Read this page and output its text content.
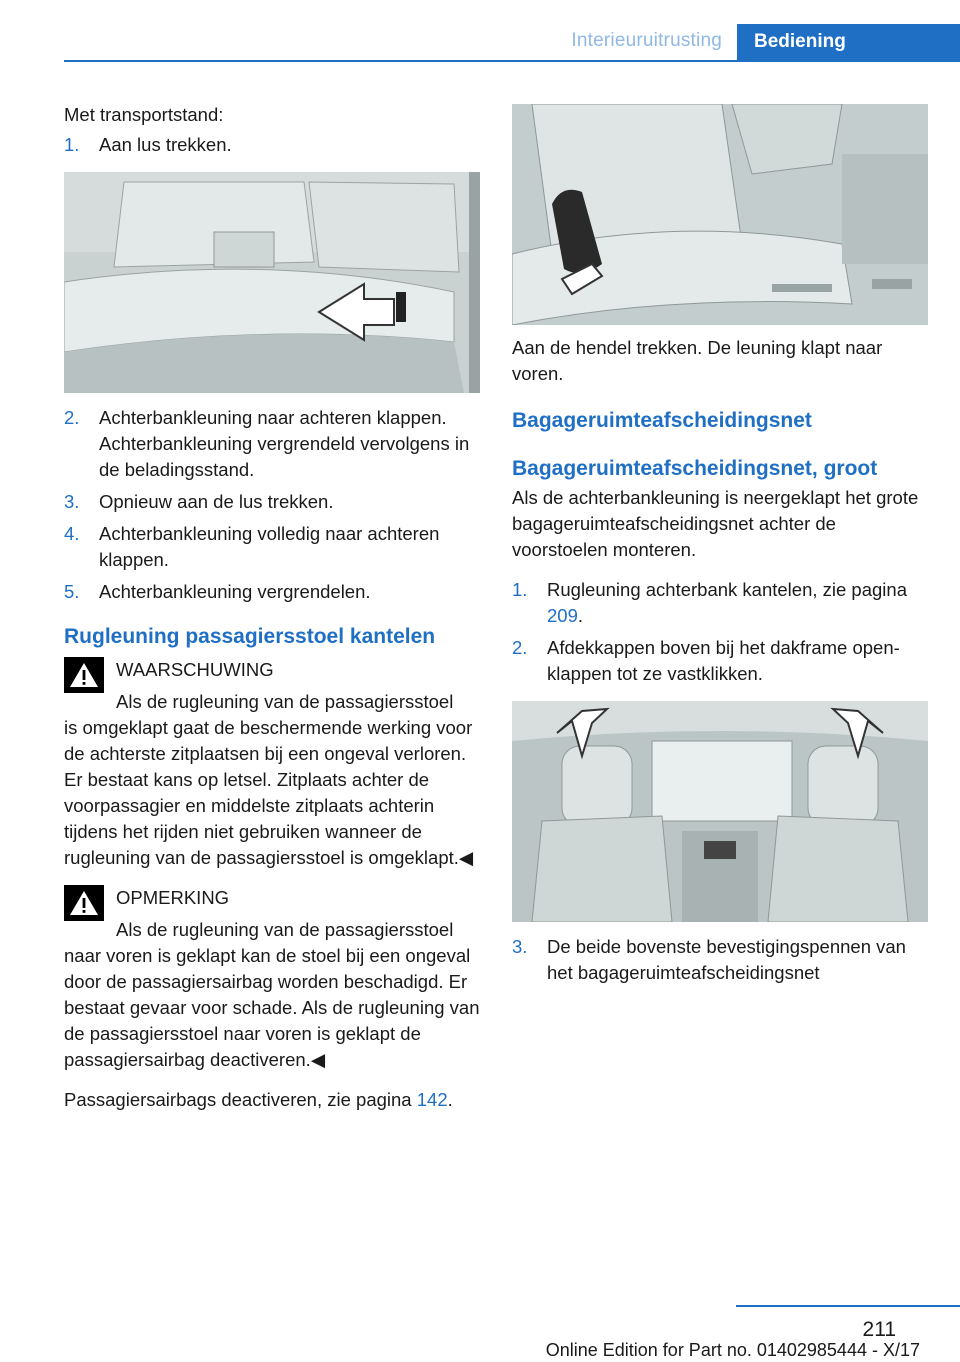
Interieuruitrusting	Bediening

Met transportstand:

1. Aan lus trekken.
2. Achterbankleuning naar achteren klappen. Achterbankleuning vergrendeld vervolgens in de beladingsstand.
3. Opnieuw aan de lus trekken.
4. Achterbankleuning volledig naar achteren klappen.
5. Achterbankleuning vergrendelen.

Rugleuning passagiersstoel kantelen

WAARSCHUWING

Als de rugleuning van de passagiersstoel

is omgeklapt gaat de beschermende werking voor de achterste zitplaatsen bij een ongeval verloren. Er bestaat kans op letsel. Zitplaats achter de voorpassagier en middelste zitplaats achterin tijdens het rijden niet gebruiken wanneer de rugleuning van de passagiersstoel is omgeklapt.◀

OPMERKING

Als de rugleuning van de passagiersstoel

naar voren is geklapt kan de stoel bij een ongeval door de passagiersairbag worden beschadigd. Er bestaat gevaar voor schade. Als de rugleuning van de passagiersstoel naar voren is geklapt de passagiersairbag deactiveren.◀

Passagiersairbags deactiveren, zie pagina 142.

Aan de hendel trekken. De leuning klapt naar voren.

Bagageruimteafscheidingsnet

Bagageruimteafscheidingsnet, groot

Als de achterbankleuning is neergeklapt het grote bagageruimteafscheidingsnet achter de voorstoelen monteren.

1. Rugleuning achterbank kantelen, zie pagina 209.
2. Afdekkappen boven bij het dakframe openklappen tot ze vastklikken.
3. De beide bovenste bevestigingspennen van het bagageruimteafscheidingsnet
211
Online Edition for Part no. 01402985444 - X/17
